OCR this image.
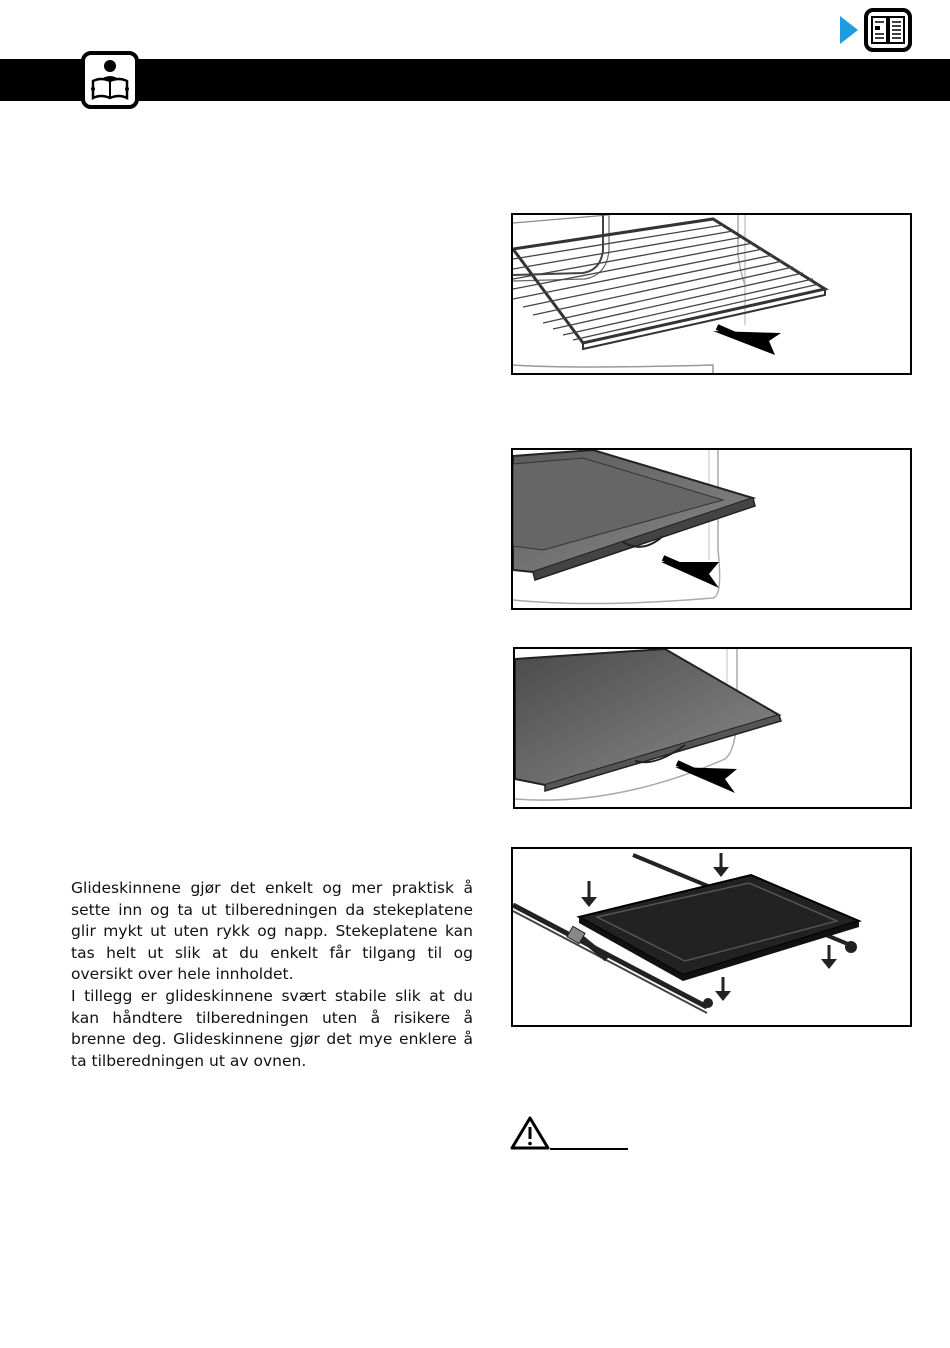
Glideskinnene gjør det enkelt og mer praktisk å sette inn og ta ut tilberedningen da stekeplatene glir mykt ut uten rykk og napp. Stekeplatene kan tas helt ut slik at du enkelt får tilgang til og oversikt over hele innholdet.

I tillegg er glideskinnene svært stabile slik at du kan håndtere tilberedningen uten å risikere å brenne deg. Glideskinnene gjør det mye enklere å ta tilberedningen ut av ovnen.
